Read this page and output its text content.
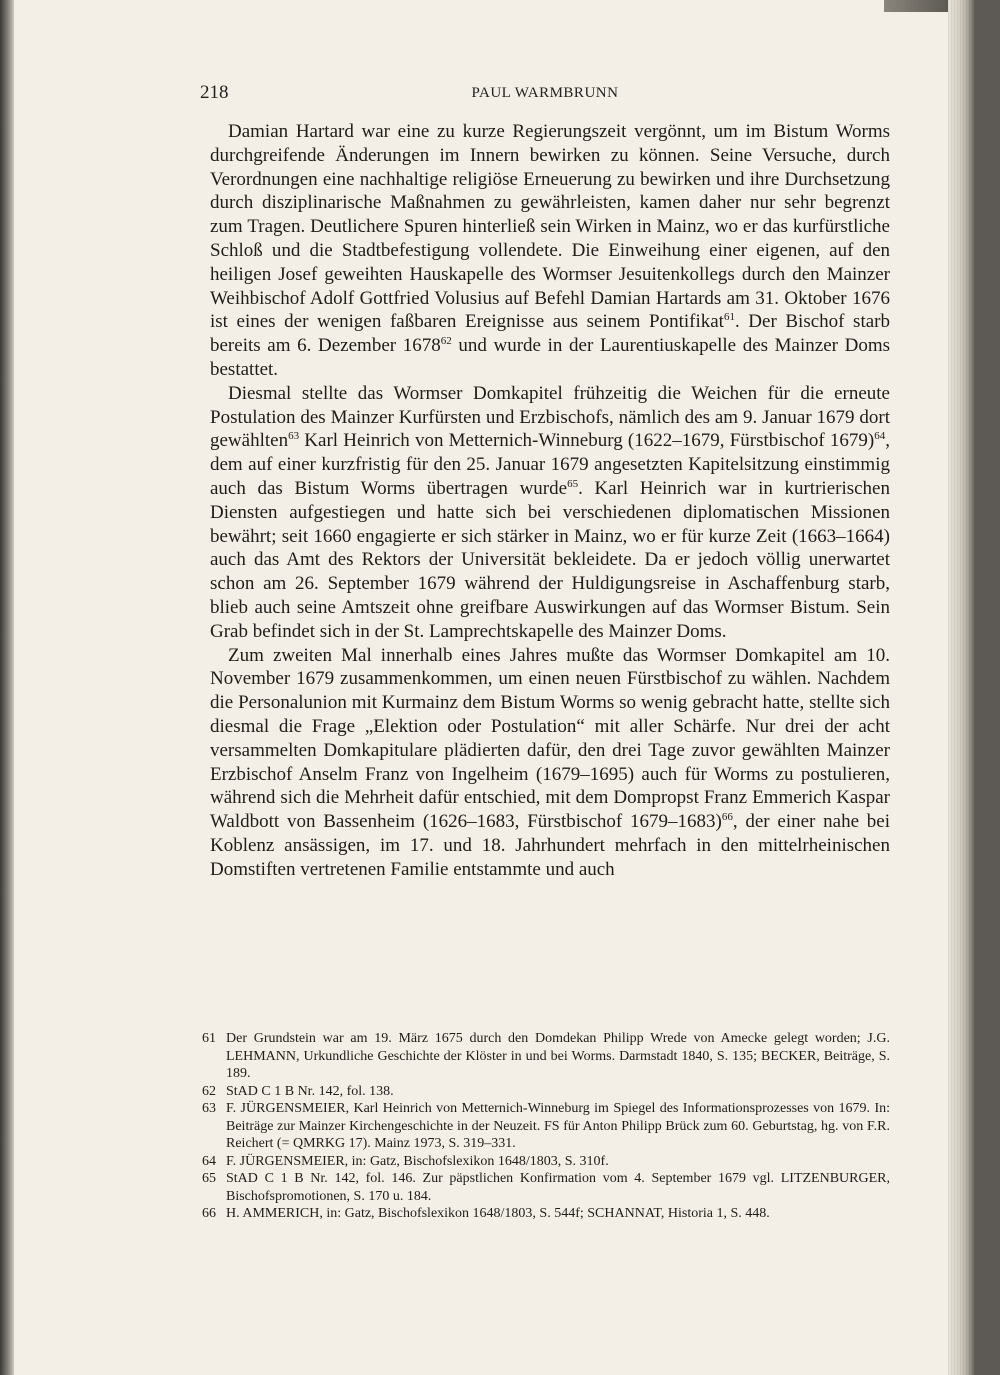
218	PAUL WARMBRUNN

Damian Hartard war eine zu kurze Regierungszeit vergönnt, um im Bistum Worms durchgreifende Änderungen im Innern bewirken zu können. Seine Versuche, durch Verordnungen eine nachhaltige religiöse Erneuerung zu bewirken und ihre Durchsetzung durch disziplinarische Maßnahmen zu gewährleisten, kamen daher nur sehr begrenzt zum Tragen. Deutlichere Spuren hinterließ sein Wirken in Mainz, wo er das kurfürstliche Schloß und die Stadtbefestigung vollendete. Die Einweihung einer eigenen, auf den heiligen Josef geweihten Hauskapelle des Wormser Jesuitenkollegs durch den Mainzer Weihbischof Adolf Gottfried Volusius auf Befehl Damian Hartards am 31. Oktober 1676 ist eines der wenigen faßbaren Ereignisse aus seinem Pontifikat$^{61}$. Der Bischof starb bereits am 6. Dezember 1678$^{62}$ und wurde in der Laurentiuskapelle des Mainzer Doms bestattet.

Diesmal stellte das Wormser Domkapitel frühzeitig die Weichen für die erneute Postulation des Mainzer Kurfürsten und Erzbischofs, nämlich des am 9. Januar 1679 dort gewählten$^{63}$ Karl Heinrich von Metternich-Winneburg (1622–1679, Fürstbischof 1679)$^{64}$, dem auf einer kurzfristig für den 25. Januar 1679 angesetzten Kapitelsitzung einstimmig auch das Bistum Worms übertragen wurde$^{65}$. Karl Heinrich war in kurtrierischen Diensten aufgestiegen und hatte sich bei verschiedenen diplomatischen Missionen bewährt; seit 1660 engagierte er sich stärker in Mainz, wo er für kurze Zeit (1663–1664) auch das Amt des Rektors der Universität bekleidete. Da er jedoch völlig unerwartet schon am 26. September 1679 während der Huldigungsreise in Aschaffenburg starb, blieb auch seine Amtszeit ohne greifbare Auswirkungen auf das Wormser Bistum. Sein Grab befindet sich in der St. Lamprechtskapelle des Mainzer Doms.

Zum zweiten Mal innerhalb eines Jahres mußte das Wormser Domkapitel am 10. November 1679 zusammenkommen, um einen neuen Fürstbischof zu wählen. Nachdem die Personalunion mit Kurmainz dem Bistum Worms so wenig gebracht hatte, stellte sich diesmal die Frage „Elektion oder Postulation“ mit aller Schärfe. Nur drei der acht versammelten Domkapitulare plädierten dafür, den drei Tage zuvor gewählten Mainzer Erzbischof Anselm Franz von Ingelheim (1679–1695) auch für Worms zu postulieren, während sich die Mehrheit dafür entschied, mit dem Dompropst Franz Emmerich Kaspar Waldbott von Bassenheim (1626–1683, Fürstbischof 1679–1683)$^{66}$, der einer nahe bei Koblenz ansässigen, im 17. und 18. Jahrhundert mehrfach in den mittelrheinischen Domstiften vertretenen Familie entstammte und auch

61 Der Grundstein war am 19. März 1675 durch den Domdekan Philipp Wrede von Amecke gelegt worden; J.G. LEHMANN, Urkundliche Geschichte der Klöster in und bei Worms. Darmstadt 1840, S. 135; BECKER, Beiträge, S. 189.

62 StAD C 1 B Nr. 142, fol. 138.

63 F. JÜRGENSMEIER, Karl Heinrich von Metternich-Winneburg im Spiegel des Informationsprozesses von 1679. In: Beiträge zur Mainzer Kirchengeschichte in der Neuzeit. FS für Anton Philipp Brück zum 60. Geburtstag, hg. von F.R. Reichert (= QMRKG 17). Mainz 1973, S. 319–331.

64 F. JÜRGENSMEIER, in: Gatz, Bischofslexikon 1648/1803, S. 310f.

65 StAD C 1 B Nr. 142, fol. 146. Zur päpstlichen Konfirmation vom 4. September 1679 vgl. LITZENBURGER, Bischofspromotionen, S. 170 u. 184.

66 H. AMMERICH, in: Gatz, Bischofslexikon 1648/1803, S. 544f; SCHANNAT, Historia 1, S. 448.
